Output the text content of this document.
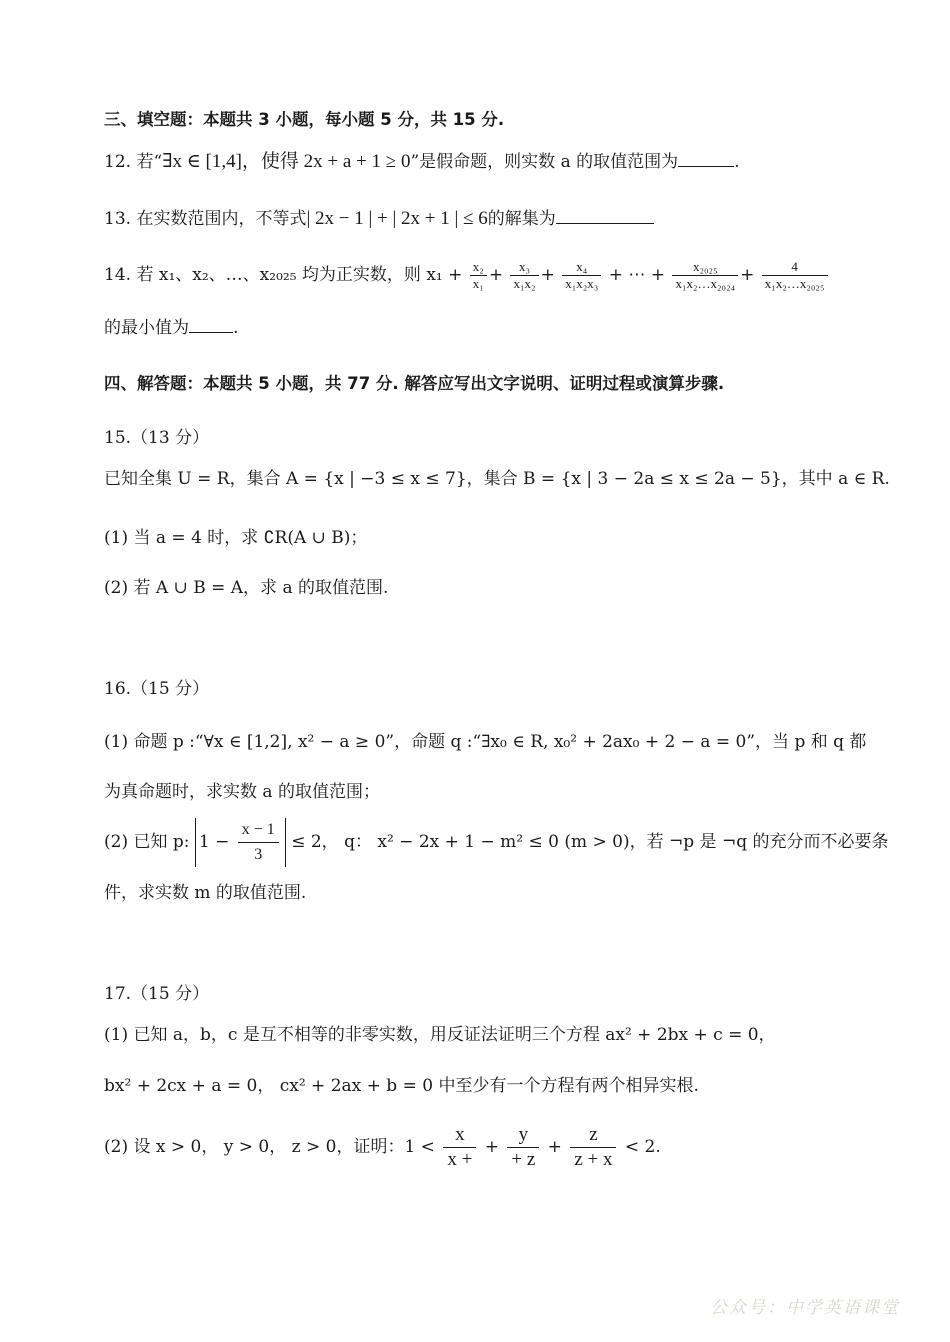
三、填空题：本题共 3 小题，每小题 5 分，共 15 分.
12. 若“∃x ∈ [1,4]，使得 2x + a + 1 ≥ 0”是假命题，则实数 a 的取值范围为	.
13. 在实数范围内，不等式| 2x − 1 | + | 2x + 1 | ≤ 6的解集为
14. 若 x₁、x₂、…、x₂₀₂₅ 均为正实数，则 $x_1 + \frac{\text{x₂}}{\text{x₁}} + \frac{\text{x₃}}{\text{x₁x₂}} + \frac{\text{x₄}}{\text{x₁x₂x₃}}$ + ⋯ + $\frac{\text{x₂₀₂₅}}{\text{x₁x₂…x₂₀₂₄}} + \frac{4}{\text{x₁x₂…x₂₀₂₅}}$
的最小值为	.
四、解答题：本题共 5 小题，共 77 分. 解答应写出文字说明、证明过程或演算步骤.
15.（13 分）
已知全集 U = R，集合 A = {x | −3 ≤ x ≤ 7}，集合 B = {x | 3 − 2a ≤ x ≤ 2a − 5}，其中 a ∈ R.
(1) 当 a = 4 时，求 ∁R(A ∪ B)；
(2) 若 A ∪ B = A，求 a 的取值范围.
16.（15 分）
(1) 命题 p :“∀x ∈ [1,2], x² − a ≥ 0”，命题 q :“∃x₀ ∈ R, x₀² + 2ax₀ + 2 − a = 0”，当 p 和 q 都
为真命题时，求实数 a 的取值范围；
(2) 已知 p: $1 - \frac{x - 1}{3} \le 2$， q： x² − 2x + 1 − m² ≤ 0 (m > 0)，若 ¬p 是 ¬q 的充分而不必要条
件，求实数 m 的取值范围.
17.（15 分）
(1) 已知 a，b，c 是互不相等的非零实数，用反证法证明三个方程 ax² + 2bx + c = 0，
bx² + 2cx + a = 0， cx² + 2ax + b = 0 中至少有一个方程有两个相异实根.
(2) 设 x > 0， y > 0， z > 0，证明：$1 < \frac{x}{x +} + \frac{y}{+ z} + \frac{z}{z + x} < 2$.
公众号：中学英语课堂
